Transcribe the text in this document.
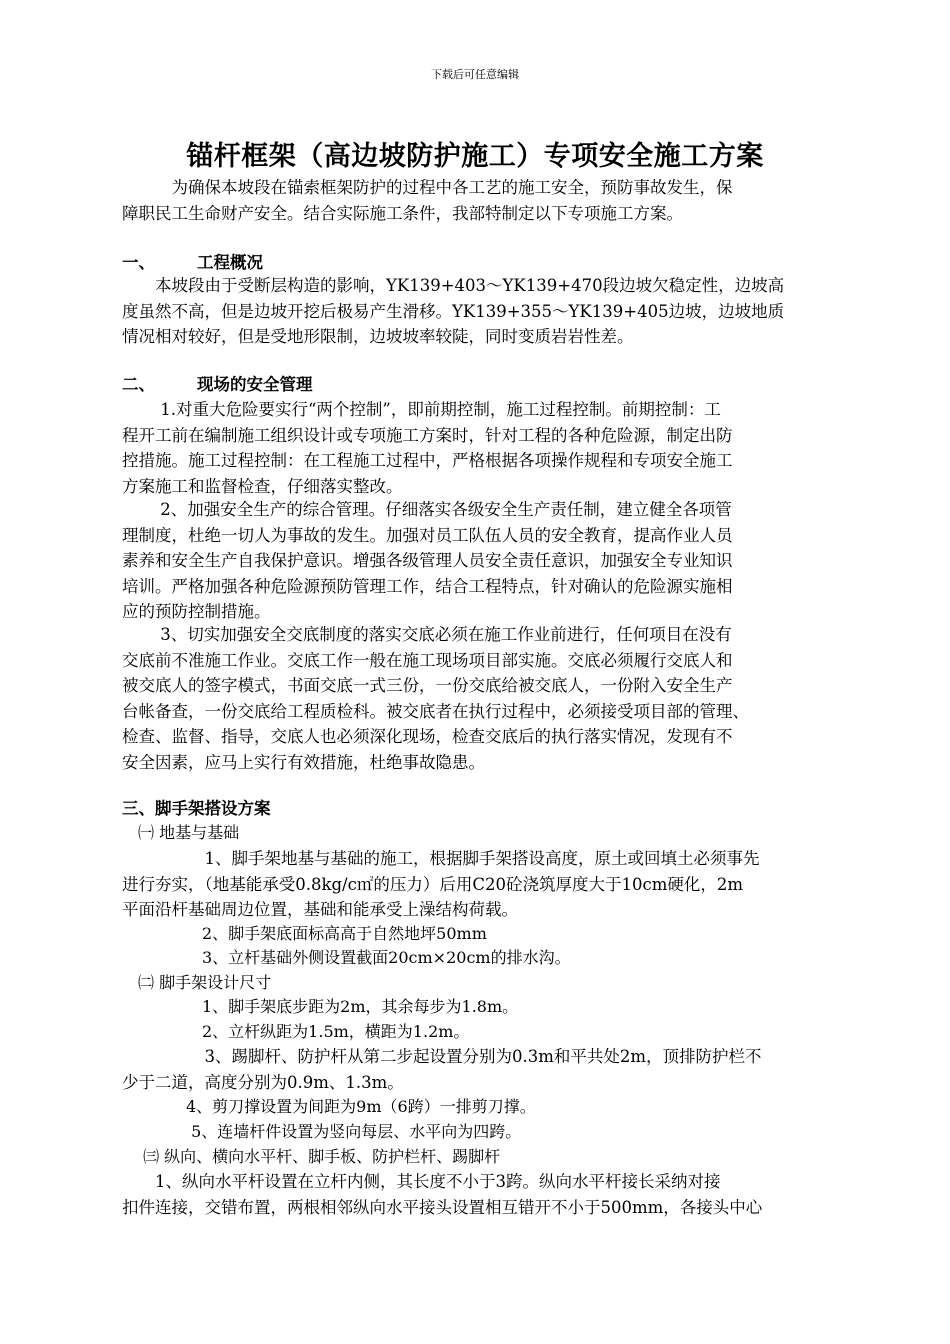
下载后可任意编辑
锚杆框架（高边坡防护施工）专项安全施工方案
　　　为确保本坡段在锚索框架防护的过程中各工艺的施工安全，预防事故发生，保
障职民工生命财产安全。结合实际施工条件，我部特制定以下专项施工方案。
一、	工程概况
　　本坡段由于受断层构造的影响，YK139+403～YK139+470段边坡欠稳定性，边坡高
度虽然不高，但是边坡开挖后极易产生滑移。YK139+355～YK139+405边坡，边坡地质
情况相对较好，但是受地形限制，边坡坡率较陡，同时变质岩岩性差。
二、	现场的安全管理
　　 1.对重大危险要实行“两个控制”，即前期控制，施工过程控制。前期控制：工
程开工前在编制施工组织设计或专项施工方案时，针对工程的各种危险源，制定出防
控措施。施工过程控制：在工程施工过程中，严格根据各项操作规程和专项安全施工
方案施工和监督检查，仔细落实整改。
　　 2、加强安全生产的综合管理。仔细落实各级安全生产责任制，建立健全各项管
理制度，杜绝一切人为事故的发生。加强对员工队伍人员的安全教育，提高作业人员
素养和安全生产自我保护意识。增强各级管理人员安全责任意识，加强安全专业知识
培训。严格加强各种危险源预防管理工作，结合工程特点，针对确认的危险源实施相
应的预防控制措施。
　　 3、切实加强安全交底制度的落实交底必须在施工作业前进行，任何项目在没有
交底前不准施工作业。交底工作一般在施工现场项目部实施。交底必须履行交底人和
被交底人的签字模式，书面交底一式三份，一份交底给被交底人，一份附入安全生产
台帐备查，一份交底给工程质检科。被交底者在执行过程中，必须接受项目部的管理、
检查、监督、指导，交底人也必须深化现场，检查交底后的执行落实情况，发现有不
安全因素，应马上实行有效措施，杜绝事故隐患。
三、脚手架搭设方案
　㈠ 地基与基础
　　　　　1、脚手架地基与基础的施工，根据脚手架搭设高度，原土或回填土必须事先
进行夯实，（地基能承受0.8kg/c㎡的压力）后用C20砼浇筑厚度大于10cm硬化，2m
平面沿杆基础周边位置，基础和能承受上澡结构荷载。
　　　　　2、脚手架底面标高高于自然地坪50mm
　　　　　3、立杆基础外侧设置截面20cm×20cm的排水沟。
　㈡ 脚手架设计尺寸
　　　　　1、脚手架底步距为2m，其余每步为1.8m。
　　　　　2、立杆纵距为1.5m，横距为1.2m。
　　　　　3、踢脚杆、防护杆从第二步起设置分别为0.3m和平共处2m，顶排防护栏不
少于二道，高度分别为0.9m、1.3m。
　　　　4、剪刀撑设置为间距为9m（6跨）一排剪刀撑。
　　　　 5、连墙杆件设置为竖向每层、水平向为四跨。
　 ㈢ 纵向、横向水平杆、脚手板、防护栏杆、踢脚杆
　　1、纵向水平杆设置在立杆内侧，其长度不小于3跨。纵向水平杆接长采纳对接
扣件连接，交错布置，两根相邻纵向水平接头设置相互错开不小于500mm，各接头中心
